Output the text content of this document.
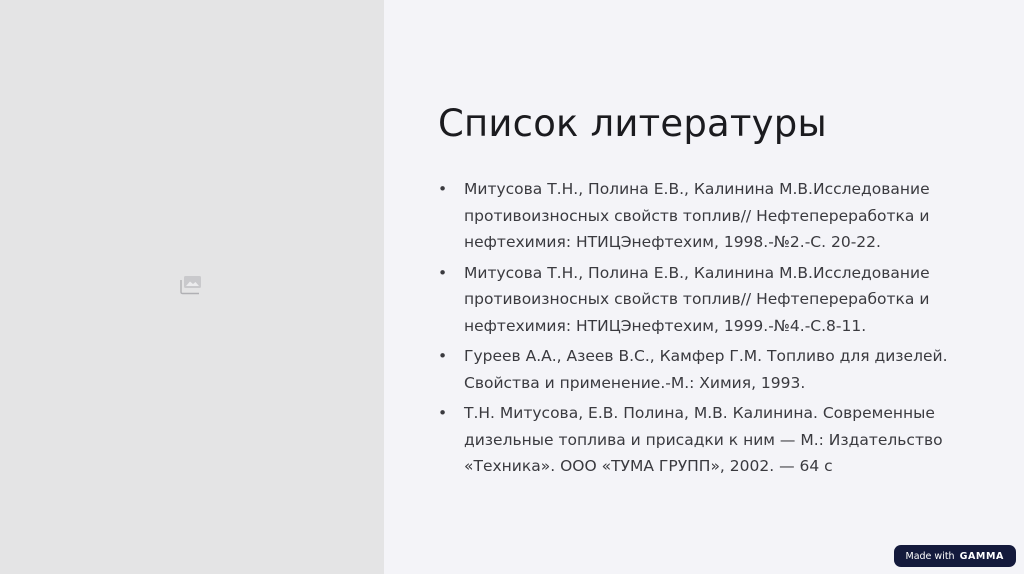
Список литературы
• Митусова Т.Н., Полина Е.В., Калинина М.В.Исследование противоизносных свойств топлив// Нефтепереработка и нефтехимия: НТИЦЭнефтехим, 1998.-№2.-С. 20-22.
• Митусова Т.Н., Полина Е.В., Калинина М.В.Исследование противоизносных свойств топлив// Нефтепереработка и нефтехимия: НТИЦЭнефтехим, 1999.-№4.-С.8-11.
• Гуреев А.А., Азеев В.С., Камфер Г.М. Топливо для дизелей. Свойства и применение.-М.: Химия, 1993.
• Т.Н. Митусова, Е.В. Полина, М.В. Калинина. Современные дизельные топлива и присадки к ним — М.: Издательство «Техника». ООО «ТУМА ГРУПП», 2002. — 64 с
Made with GAMMA
